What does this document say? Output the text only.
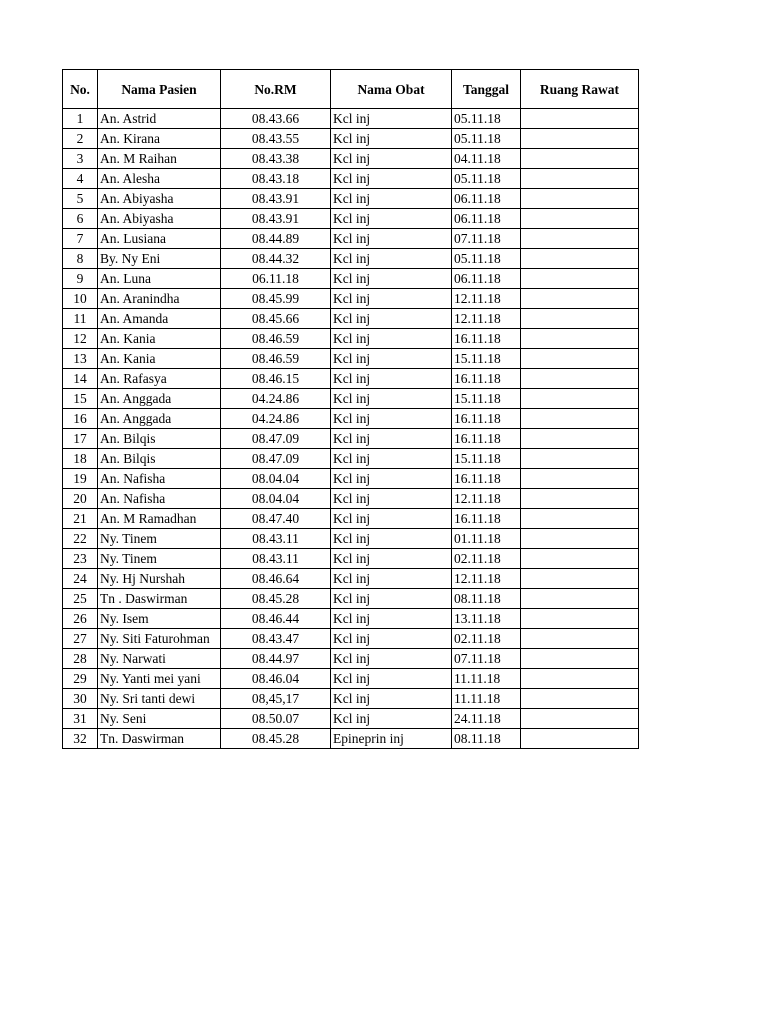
No.	Nama Pasien	No.RM	Nama Obat	Tanggal	Ruang Rawat
1	An. Astrid	08.43.66	Kcl inj	05.11.18	
2	An. Kirana	08.43.55	Kcl inj	05.11.18	
3	An. M Raihan	08.43.38	Kcl inj	04.11.18	
4	An. Alesha	08.43.18	Kcl inj	05.11.18	
5	An. Abiyasha	08.43.91	Kcl inj	06.11.18	
6	An. Abiyasha	08.43.91	Kcl inj	06.11.18	
7	An. Lusiana	08.44.89	Kcl inj	07.11.18	
8	By. Ny Eni	08.44.32	Kcl inj	05.11.18	
9	An. Luna	06.11.18	Kcl inj	06.11.18	
10	An. Aranindha	08.45.99	Kcl inj	12.11.18	
11	An. Amanda	08.45.66	Kcl inj	12.11.18	
12	An. Kania	08.46.59	Kcl inj	16.11.18	
13	An. Kania	08.46.59	Kcl inj	15.11.18	
14	An. Rafasya	08.46.15	Kcl inj	16.11.18	
15	An. Anggada	04.24.86	Kcl inj	15.11.18	
16	An. Anggada	04.24.86	Kcl inj	16.11.18	
17	An. Bilqis	08.47.09	Kcl inj	16.11.18	
18	An. Bilqis	08.47.09	Kcl inj	15.11.18	
19	An. Nafisha	08.04.04	Kcl inj	16.11.18	
20	An. Nafisha	08.04.04	Kcl inj	12.11.18	
21	An. M Ramadhan	08.47.40	Kcl inj	16.11.18	
22	Ny. Tinem	08.43.11	Kcl inj	01.11.18	
23	Ny. Tinem	08.43.11	Kcl inj	02.11.18	
24	Ny. Hj Nurshah	08.46.64	Kcl inj	12.11.18	
25	Tn . Daswirman	08.45.28	Kcl inj	08.11.18	
26	Ny. Isem	08.46.44	Kcl inj	13.11.18	
27	Ny. Siti Faturohman	08.43.47	Kcl inj	02.11.18	
28	Ny. Narwati	08.44.97	Kcl inj	07.11.18	
29	Ny. Yanti mei yani	08.46.04	Kcl inj	11.11.18	
30	Ny. Sri tanti dewi	08,45,17	Kcl inj	11.11.18	
31	Ny. Seni	08.50.07	Kcl inj	24.11.18	
32	Tn. Daswirman	08.45.28	Epineprin inj	08.11.18	
